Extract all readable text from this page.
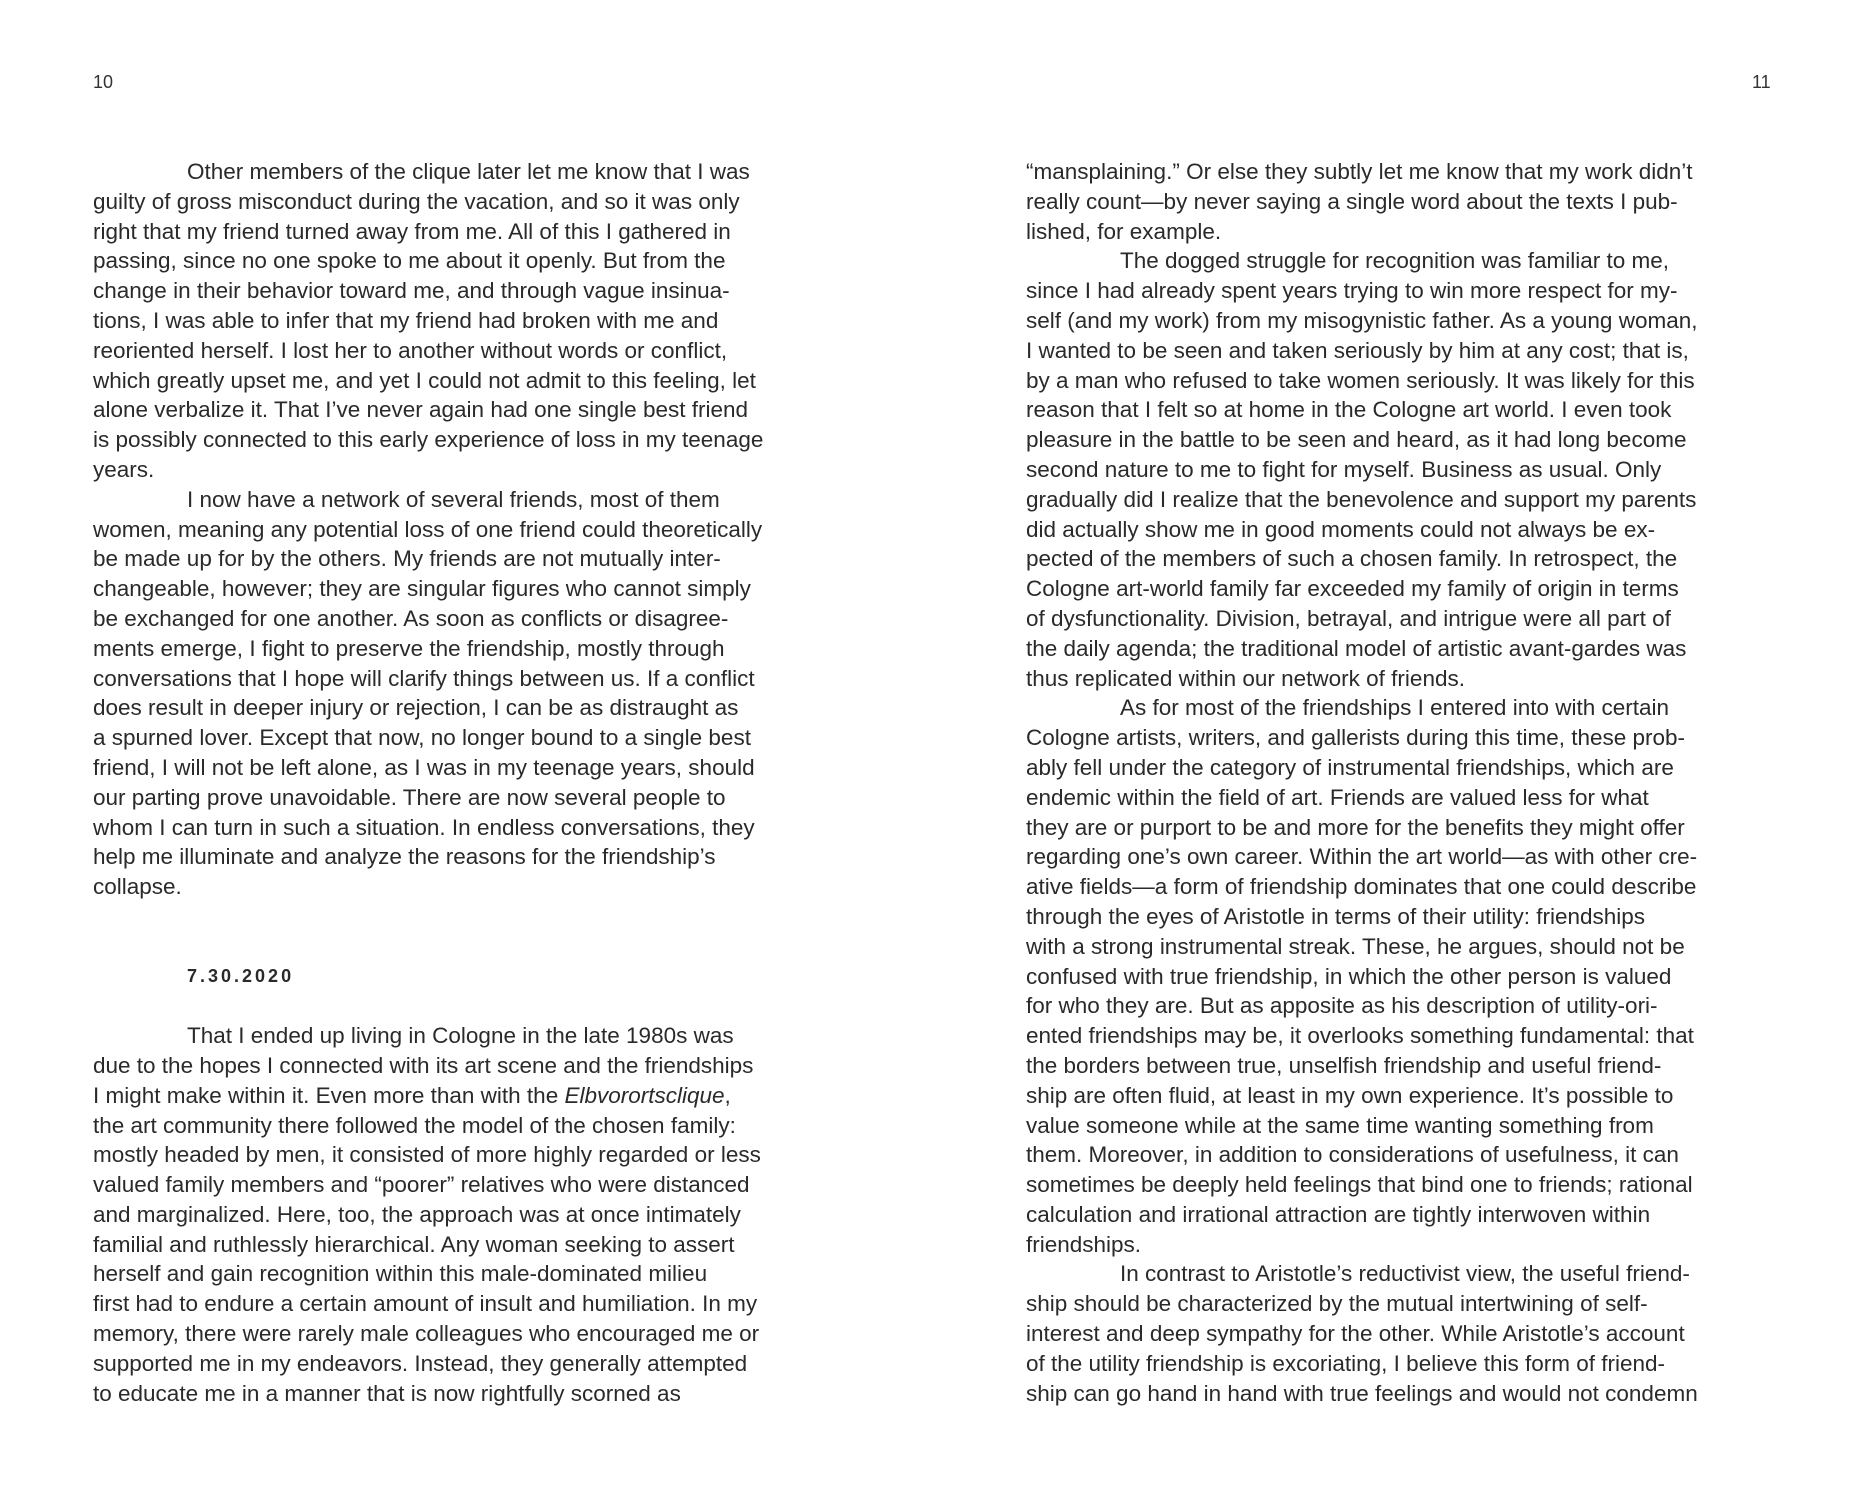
10	11
Other members of the clique later let me know that I was
guilty of gross misconduct during the vacation, and so it was only
right that my friend turned away from me. All of this I gathered in
passing, since no one spoke to me about it openly. But from the
change in their behavior toward me, and through vague insinua-
tions, I was able to infer that my friend had broken with me and
reoriented herself. I lost her to another without words or conflict,
which greatly upset me, and yet I could not admit to this feeling, let
alone verbalize it. That I’ve never again had one single best friend
is possibly connected to this early experience of loss in my teenage
years.
I now have a network of several friends, most of them
women, meaning any potential loss of one friend could theoretically
be made up for by the others. My friends are not mutually inter-
changeable, however; they are singular figures who cannot simply
be exchanged for one another. As soon as conflicts or disagree-
ments emerge, I fight to preserve the friendship, mostly through
conversations that I hope will clarify things between us. If a conflict
does result in deeper injury or rejection, I can be as distraught as
a spurned lover. Except that now, no longer bound to a single best
friend, I will not be left alone, as I was in my teenage years, should
our parting prove unavoidable. There are now several people to
whom I can turn in such a situation. In endless conversations, they
help me illuminate and analyze the reasons for the friendship’s
collapse.
7.30.2020
That I ended up living in Cologne in the late 1980s was
due to the hopes I connected with its art scene and the friendships
I might make within it. Even more than with the Elbvorortsclique,
the art community there followed the model of the chosen family:
mostly headed by men, it consisted of more highly regarded or less
valued family members and “poorer” relatives who were distanced
and marginalized. Here, too, the approach was at once intimately
familial and ruthlessly hierarchical. Any woman seeking to assert
herself and gain recognition within this male-dominated milieu
first had to endure a certain amount of insult and humiliation. In my
memory, there were rarely male colleagues who encouraged me or
supported me in my endeavors. Instead, they generally attempted
to educate me in a manner that is now rightfully scorned as
“mansplaining.” Or else they subtly let me know that my work didn’t
really count—by never saying a single word about the texts I pub-
lished, for example.
The dogged struggle for recognition was familiar to me,
since I had already spent years trying to win more respect for my-
self (and my work) from my misogynistic father. As a young woman,
I wanted to be seen and taken seriously by him at any cost; that is,
by a man who refused to take women seriously. It was likely for this
reason that I felt so at home in the Cologne art world. I even took
pleasure in the battle to be seen and heard, as it had long become
second nature to me to fight for myself. Business as usual. Only
gradually did I realize that the benevolence and support my parents
did actually show me in good moments could not always be ex-
pected of the members of such a chosen family. In retrospect, the
Cologne art-world family far exceeded my family of origin in terms
of dysfunctionality. Division, betrayal, and intrigue were all part of
the daily agenda; the traditional model of artistic avant-gardes was
thus replicated within our network of friends.
As for most of the friendships I entered into with certain
Cologne artists, writers, and gallerists during this time, these prob-
ably fell under the category of instrumental friendships, which are
endemic within the field of art. Friends are valued less for what
they are or purport to be and more for the benefits they might offer
regarding one’s own career. Within the art world—as with other cre-
ative fields—a form of friendship dominates that one could describe
through the eyes of Aristotle in terms of their utility: friendships
with a strong instrumental streak. These, he argues, should not be
confused with true friendship, in which the other person is valued
for who they are. But as apposite as his description of utility-ori-
ented friendships may be, it overlooks something fundamental: that
the borders between true, unselfish friendship and useful friend-
ship are often fluid, at least in my own experience. It’s possible to
value someone while at the same time wanting something from
them. Moreover, in addition to considerations of usefulness, it can
sometimes be deeply held feelings that bind one to friends; rational
calculation and irrational attraction are tightly interwoven within
friendships.
In contrast to Aristotle’s reductivist view, the useful friend-
ship should be characterized by the mutual intertwining of self-
interest and deep sympathy for the other. While Aristotle’s account
of the utility friendship is excoriating, I believe this form of friend-
ship can go hand in hand with true feelings and would not condemn
